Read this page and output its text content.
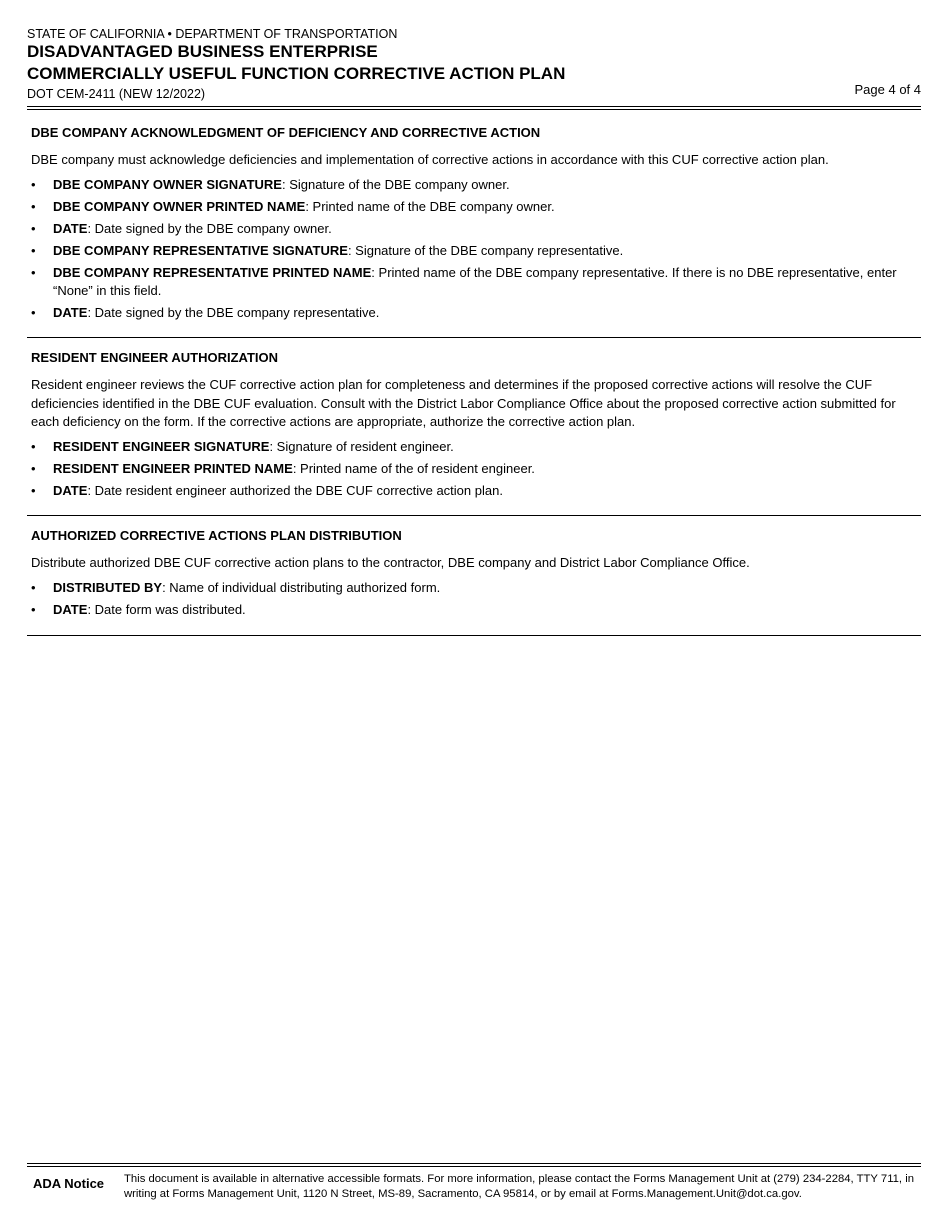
STATE OF CALIFORNIA • DEPARTMENT OF TRANSPORTATION
DISADVANTAGED BUSINESS ENTERPRISE
COMMERCIALLY USEFUL FUNCTION CORRECTIVE ACTION PLAN
DOT CEM-2411 (NEW 12/2022)	Page 4 of 4
DBE COMPANY ACKNOWLEDGMENT OF DEFICIENCY AND CORRECTIVE ACTION
DBE company must acknowledge deficiencies and implementation of corrective actions in accordance with this CUF corrective action plan.
• DBE COMPANY OWNER SIGNATURE: Signature of the DBE company owner.
• DBE COMPANY OWNER PRINTED NAME: Printed name of the DBE company owner.
• DATE: Date signed by the DBE company owner.
• DBE COMPANY REPRESENTATIVE SIGNATURE: Signature of the DBE company representative.
• DBE COMPANY REPRESENTATIVE PRINTED NAME: Printed name of the DBE company representative. If there is no DBE representative, enter “None” in this field.
• DATE: Date signed by the DBE company representative.
RESIDENT ENGINEER AUTHORIZATION
Resident engineer reviews the CUF corrective action plan for completeness and determines if the proposed corrective actions will resolve the CUF deficiencies identified in the DBE CUF evaluation. Consult with the District Labor Compliance Office about the proposed corrective action submitted for each deficiency on the form. If the corrective actions are appropriate, authorize the corrective action plan.
• RESIDENT ENGINEER SIGNATURE: Signature of resident engineer.
• RESIDENT ENGINEER PRINTED NAME: Printed name of the of resident engineer.
• DATE: Date resident engineer authorized the DBE CUF corrective action plan.
AUTHORIZED CORRECTIVE ACTIONS PLAN DISTRIBUTION
Distribute authorized DBE CUF corrective action plans to the contractor, DBE company and District Labor Compliance Office.
• DISTRIBUTED BY: Name of individual distributing authorized form.
• DATE: Date form was distributed.
ADA Notice This document is available in alternative accessible formats. For more information, please contact the Forms Management Unit at (279) 234-2284, TTY 711, in writing at Forms Management Unit, 1120 N Street, MS-89, Sacramento, CA 95814, or by email at Forms.Management.Unit@dot.ca.gov.
